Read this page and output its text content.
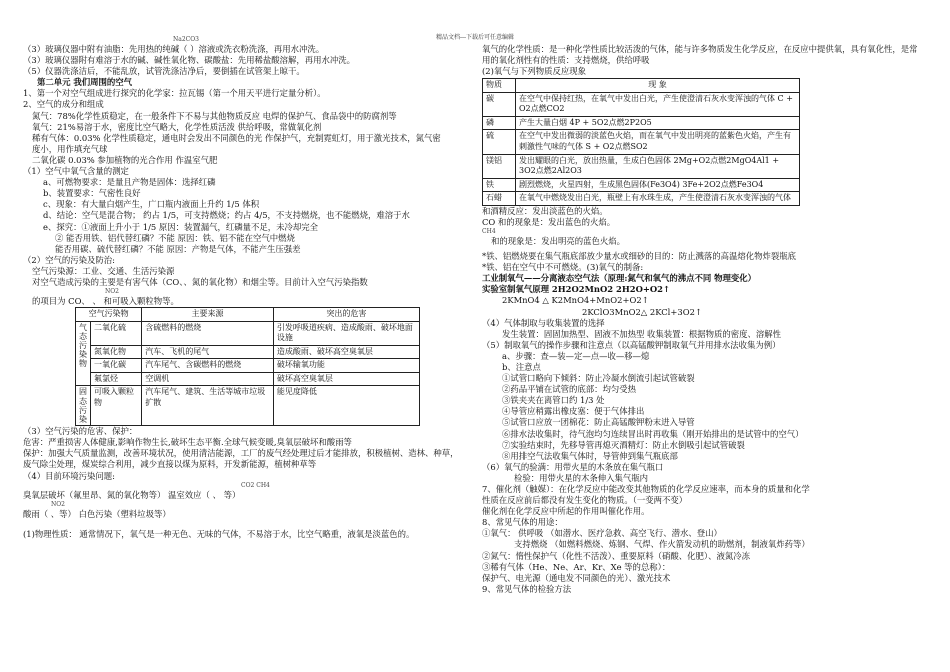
精品文档---下载后可任意编辑
Na2CO3
（3）玻璃仪器中附有油脂：先用热的纯碱（ ）溶液或洗衣粉洗涤，再用水冲洗。
（3）玻璃仪器附有难溶于水的碱、碱性氧化物、碳酸盐：先用稀盐酸溶解，再用水冲洗。
（5）仪器洗涤洁后，不能乱放，试管洗涤洁净后，要倒插在试管架上晾干。
第二单元 我们周围的空气
1、第一个对空气组成进行探究的化学家：拉瓦锡（第一个用天平进行定量分析）。
2、空气的成分和组成
氮气：78%化学性质稳定，在一般条件下不易与其他物质反应 电焊的保护气、食品袋中的防腐剂等
氧气：21%易溶于水，密度比空气略大，化学性质活泼 供给呼吸，常做氧化剂
稀有气体：0.03% 化学性质稳定，通电时会发出不同颜色的光 作保护气，充制霓虹灯，用于激光技术，氮气密
度小，用作填充气球
二氧化碳 0.03% 参加植物的光合作用 作温室气肥
（1）空气中氧气含量的测定
a、可燃物要求：是量且产物是固体：选择红磷
b、装置要求：气密性良好
c、现象：有大量白烟产生，广口瓶内液面上升约 1/5 体积
d、结论：空气是混合物； 约占 1/5，可支持燃烧；约占 4/5，不支持燃烧，也不能燃烧，难溶于水
e、探究：①液面上升小于 1/5 原因：装置漏气，红磷量不足，未冷却完全
② 能否用铁、铝代替红磷？不能 原因：铁、铝不能在空气中燃烧
能否用碳、硫代替红磷？不能 原因：产物是气体，不能产生压强差
（2）空气的污染及防治:
空气污染源：工业、交通、生活污染源
对空气造成污染的主要是有害气体（CO、、氮的氧化物）和烟尘等。目前计入空气污染指数
NO2
的项目为 CO、 、 和可吸入颗粒物等。
空气污染物		主要来源	突出的危害
气态污染物	二氧化硫	含硫燃料的燃烧	引发呼吸道疾病、造成酸雨、破坏地面设施
	氮氧化物	汽车、飞机的尾气	造成酸雨、破坏高空臭氧层
	一氧化碳	汽车尾气、含碳燃料的燃烧	破坏输氧功能
	氟氯烃	空调机	破坏高空臭氧层
固态污染	可吸入颗粒物	汽车尾气、建筑、生活等城市垃圾扩散	能见度降低
（3）空气污染的危害、保护：
危害：严重损害人体健康,影响作物生长,破坏生态平衡.全球气候变暖,臭氧层破坏和酸雨等
保护：加强大气质量监测，改善环境状况，使用清洁能源，工厂的废气经处理过后才能排放，积极植树、造林、种草，
废气除尘处理，煤炭综合利用，减少直接以煤为原料，开发新能源，植树种草等
（4）目前环境污染问题:
CO2 CH4
臭氧层破坏（氟里昂、氮的氧化物等） 温室效应（ 、 等）
NO2
酸雨（ 、等） 白色污染（塑料垃圾等）
(1)物理性质： 通常情况下，氧气是一种无色、无味的气体，不易溶于水，比空气略重，液氧是淡蓝色的。
氧气的化学性质：是一种化学性质比较活泼的气体，能与许多物质发生化学反应，在反应中提供氧，具有氧化性，是常
用的氧化剂性有的性质：支持燃烧，供给呼吸
(2)氧气与下列物质反应现象
物质	现 象
碳	在空气中保持红热，在氧气中发出白光，产生使澄清石灰水变浑浊的气体 C + O2点燃CO2
磷	产生大量白烟 4P + 5O2点燃2P2O5
硫	在空气中发出微弱的淡蓝色火焰，而在氧气中发出明亮的蓝紫色火焰，产生有刺激性气味的气体 S + O2点燃SO2
镁铝	发出耀眼的白光，放出热量，生成白色固体 2Mg+O2点燃2MgO4Al1 + 3O2点燃2Al2O3
铁	剧烈燃烧，火星四射，生成黑色固体(Fe3O4) 3Fe+2O2点燃Fe3O4
石蜡	在氧气中燃烧发出白光，瓶壁上有水珠生成，产生使澄清石灰水变浑浊的气体
和酒精反应：发出淡蓝色的火焰。
CO 和的现象是：发出蓝色的火焰。
CH4
和的现象是：发出明亮的蓝色火焰。
*铁、铝燃烧要在集气瓶底部放少量水或细砂的目的：防止溅落的高温熔化物炸裂瓶底
*铁、铝在空气中不可燃烧。(3)氧气的制备:
工业制氧气——分离液态空气法（原理:氮气和氧气的沸点不同 物理变化）
实验室制氧气原理 2H2O2MnO2 2H2O+O2↑
2KMnO4 △ K2MnO4+MnO2+O2↑
2KClO3MnO2△ 2KCl+3O2↑
（4）气体制取与收集装置的选择
发生装置：固固加热型、固液不加热型 收集装置：根据物质的密度、溶解性
（5）制取氧气的操作步骤和注意点（以高锰酸钾制取氧气并用排水法收集为例）
a、步骤：查—装—定—点—收—移—熄
b、注意点
①试管口略向下倾斜：防止冷凝水倒流引起试管破裂
②药品平铺在试管的底部：均匀受热
③铁夹夹在离管口约 1/3 处
④导管应稍露出橡皮塞：便于气体排出
⑤试管口应放一团棉花：防止高锰酸钾粉末进入导管
⑥排水法收集时，待气泡均匀连续冒出时再收集（刚开始排出的是试管中的空气）
⑦实验结束时，先移导管再熄灭酒精灯：防止水倒吸引起试管破裂
⑧用排空气法收集气体时，导管伸到集气瓶底部
（6）氧气的验满：用带火星的木条放在集气瓶口
检验：用带火星的木条伸入集气瓶内
7、催化剂（触媒）：在化学反应中能改变其他物质的化学反应速率，而本身的质量和化学
性质在反应前后都没有发生变化的物质。（一变两不变）
催化剂在化学反应中所起的作用叫催化作用。
8、常见气体的用途：
①氧气： 供呼吸 （如潜水、医疗急救、高空飞行、潜水、登山）
支持燃烧 （如燃料燃烧、炼钢、气焊、作火箭发动机的助燃剂，制液氧炸药等）
②氮气：惰性保护气（化性不活泼）、重要原料（硝酸、化肥）、液氮冷冻
③稀有气体（He、Ne、Ar、Kr、Xe 等的总称）：
保护气、电光源（通电发不同颜色的光）、激光技术
9、常见气体的检验方法
